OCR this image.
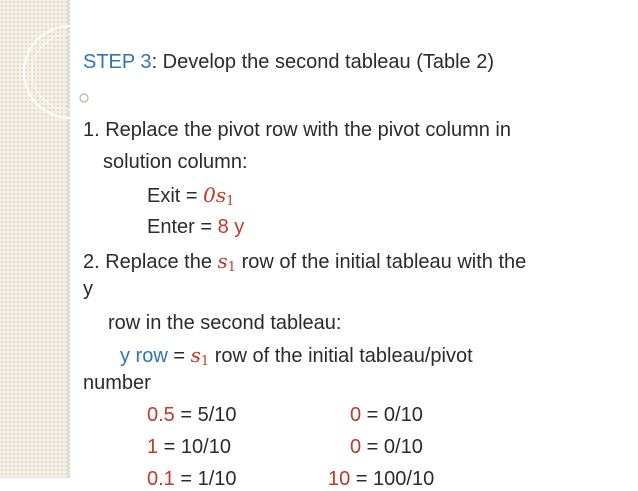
STEP 3: Develop the second tableau (Table 2)
1. Replace the pivot row with the pivot column in
solution column:
Exit = $0s_1$
Enter = 8 y
2. Replace the $s_1$ row of the initial tableau with the
y
row in the second tableau:
y row = $s_1$ row of the initial tableau/pivot
number
0.5 = 5/10	0 = 0/10
1 = 10/10	0 = 0/10
0.1 = 1/10	10 = 100/10
